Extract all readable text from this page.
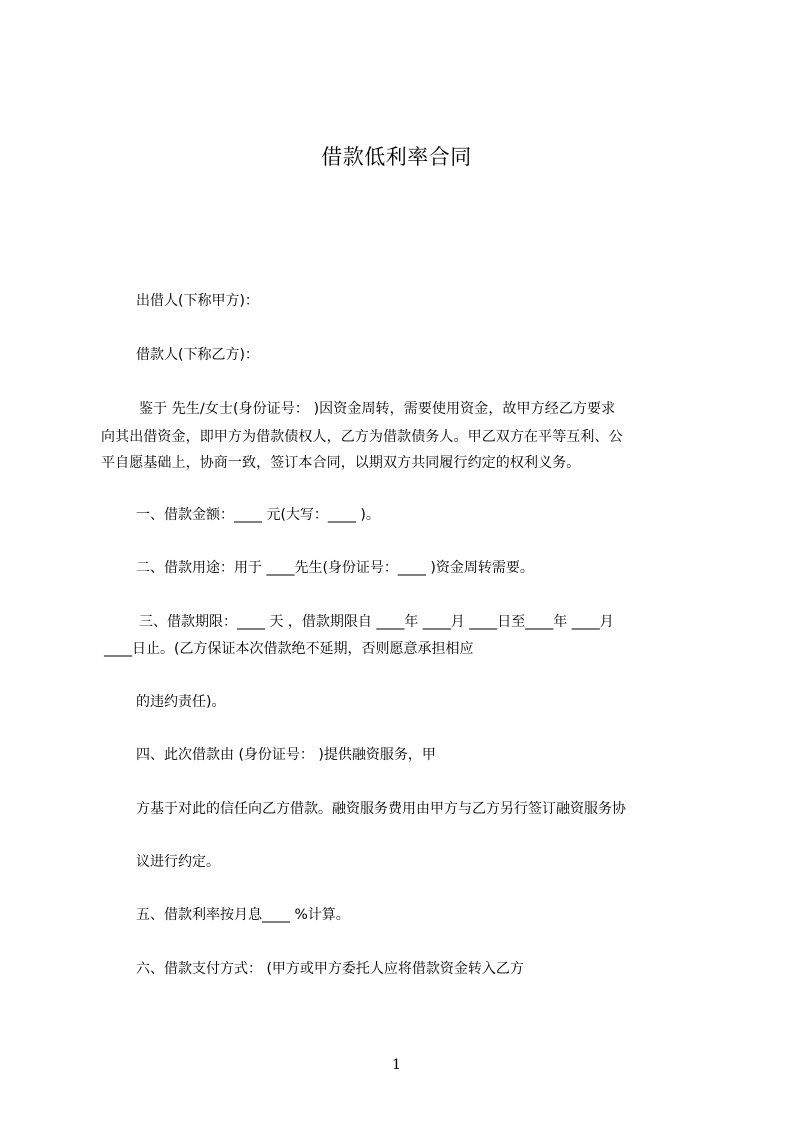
借款低利率合同
出借人(下称甲方)：
借款人(下称乙方)：
鉴于 先生/女士(身份证号： )因资金周转，需要使用资金，故甲方经乙方要求
向其出借资金，即甲方为借款债权人，乙方为借款债务人。甲乙双方在平等互利、公
平自愿基础上，协商一致，签订本合同，以期双方共同履行约定的权利义务。
一、借款金额：____ 元(大写：____ )。
二、借款用途：用于 ____先生(身份证号：____ )资金周转需要。
三、借款期限：____ 天 ，借款期限自 ____年 ____月 ____日至____年 ____月
____日止。(乙方保证本次借款绝不延期，否则愿意承担相应
的违约责任)。
四、此次借款由 (身份证号： )提供融资服务，甲
方基于对此的信任向乙方借款。融资服务费用由甲方与乙方另行签订融资服务协
议进行约定。
五、借款利率按月息____ %计算。
六、借款支付方式： (甲方或甲方委托人应将借款资金转入乙方
1
